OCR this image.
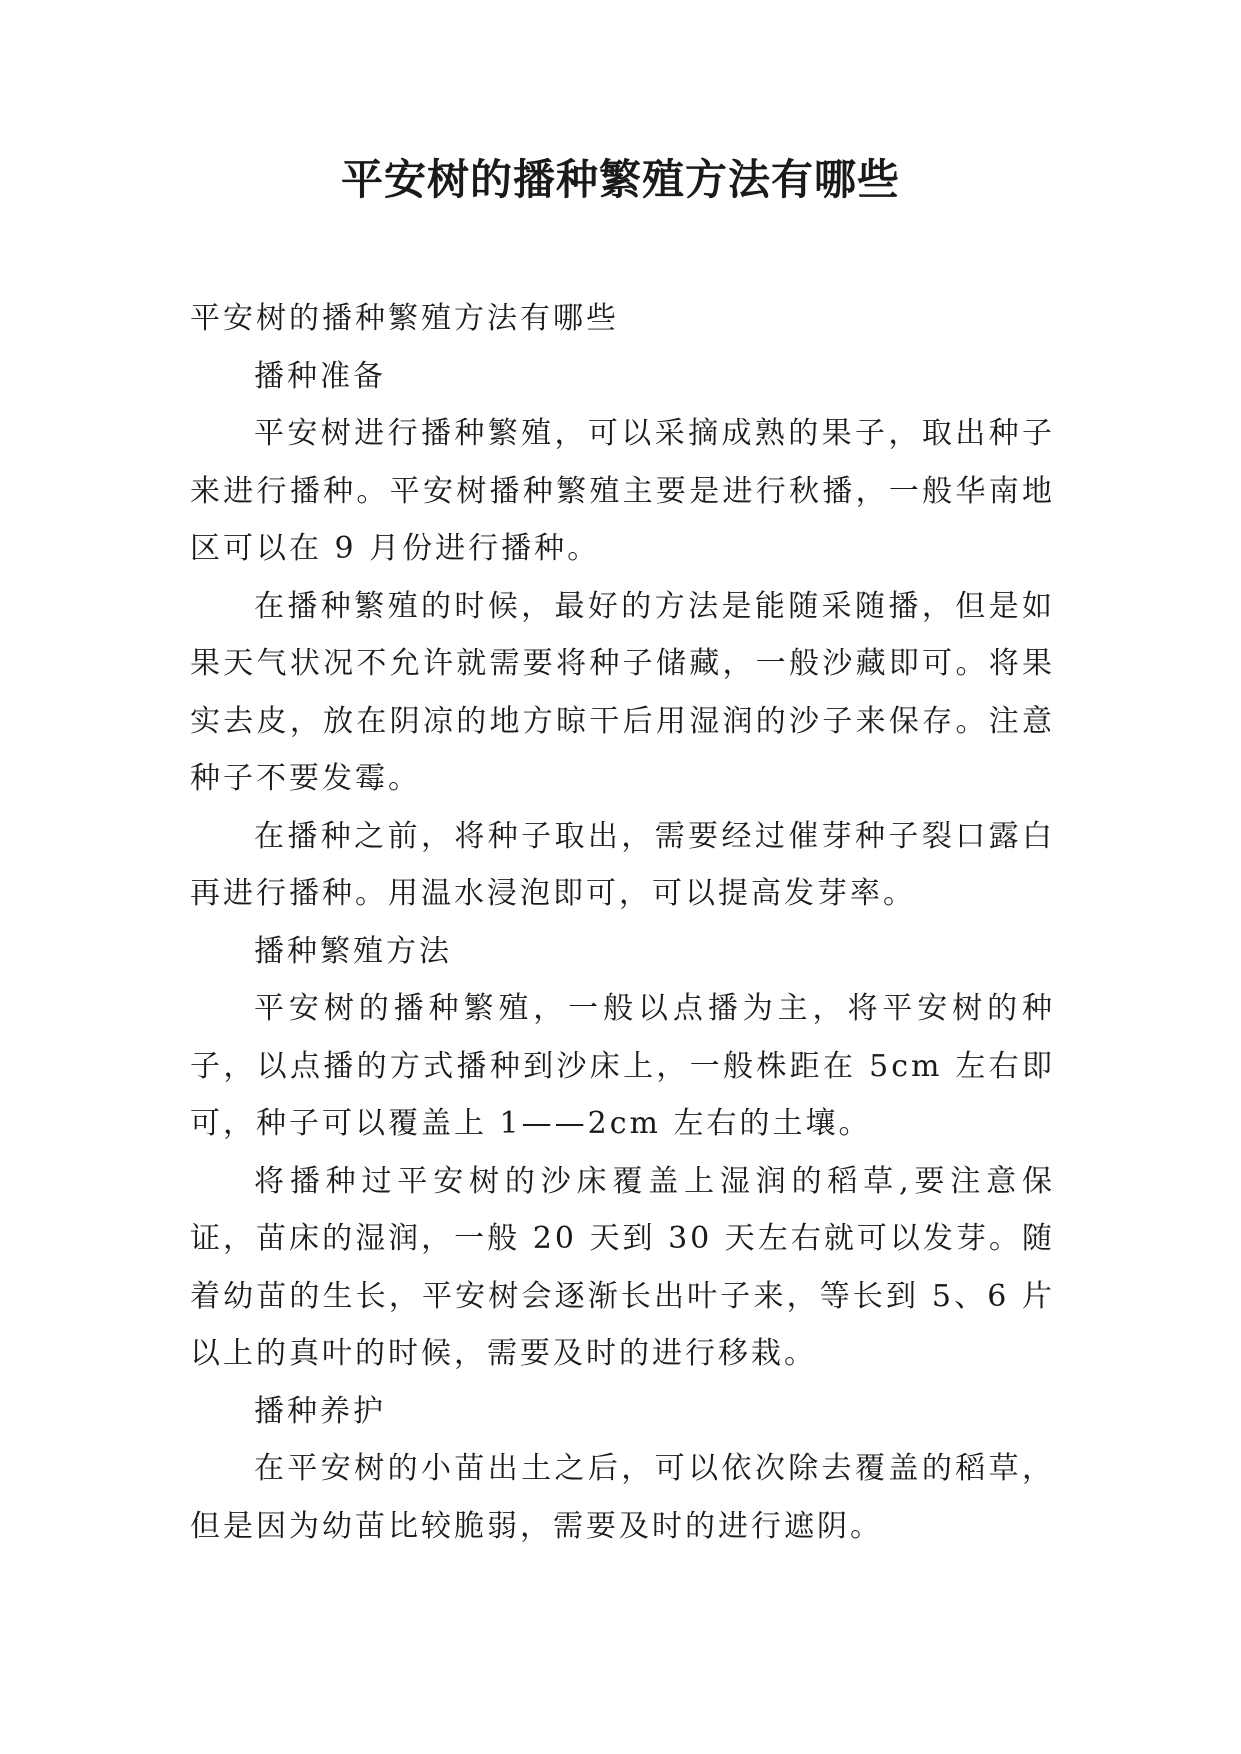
平安树的播种繁殖方法有哪些

平安树的播种繁殖方法有哪些

播种准备

平安树进行播种繁殖，可以采摘成熟的果子，取出种子来进行播种。平安树播种繁殖主要是进行秋播，一般华南地区可以在 9 月份进行播种。

在播种繁殖的时候，最好的方法是能随采随播，但是如果天气状况不允许就需要将种子储藏，一般沙藏即可。将果实去皮，放在阴凉的地方晾干后用湿润的沙子来保存。注意种子不要发霉。

在播种之前，将种子取出，需要经过催芽种子裂口露白再进行播种。用温水浸泡即可，可以提高发芽率。

播种繁殖方法

平安树的播种繁殖，一般以点播为主，将平安树的种子，以点播的方式播种到沙床上，一般株距在 5cm 左右即可，种子可以覆盖上 1——2cm 左右的土壤。

将播种过平安树的沙床覆盖上湿润的稻草,要注意保证，苗床的湿润，一般 20 天到 30 天左右就可以发芽。随着幼苗的生长，平安树会逐渐长出叶子来，等长到 5、6 片以上的真叶的时候，需要及时的进行移栽。

播种养护

在平安树的小苗出土之后，可以依次除去覆盖的稻草，但是因为幼苗比较脆弱，需要及时的进行遮阴。
